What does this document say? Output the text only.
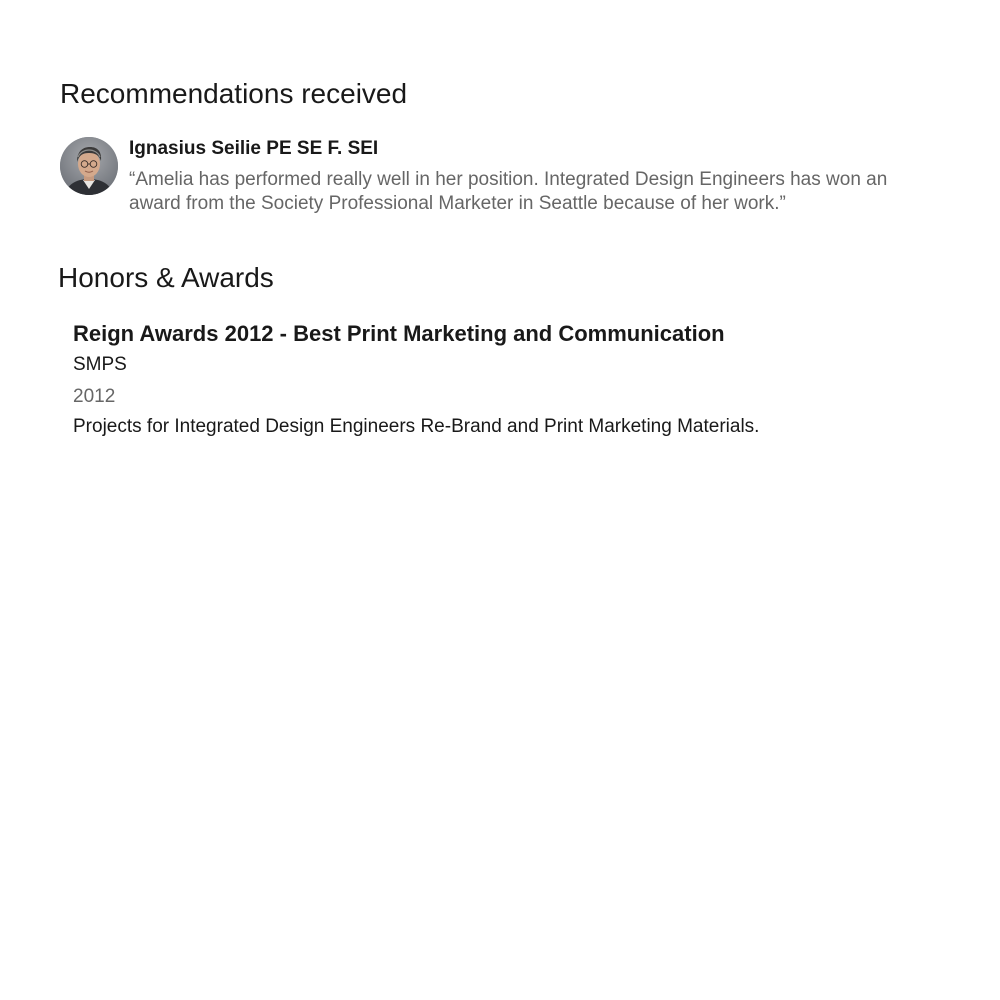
Recommendations received
Ignasius Seilie PE SE F. SEI
“Amelia has performed really well in her position. Integrated Design Engineers has won an award from the Society Professional Marketer in Seattle because of her work.”
Honors & Awards
Reign Awards 2012 - Best Print Marketing and Communication
SMPS
2012
Projects for Integrated Design Engineers Re-Brand and Print Marketing Materials.
